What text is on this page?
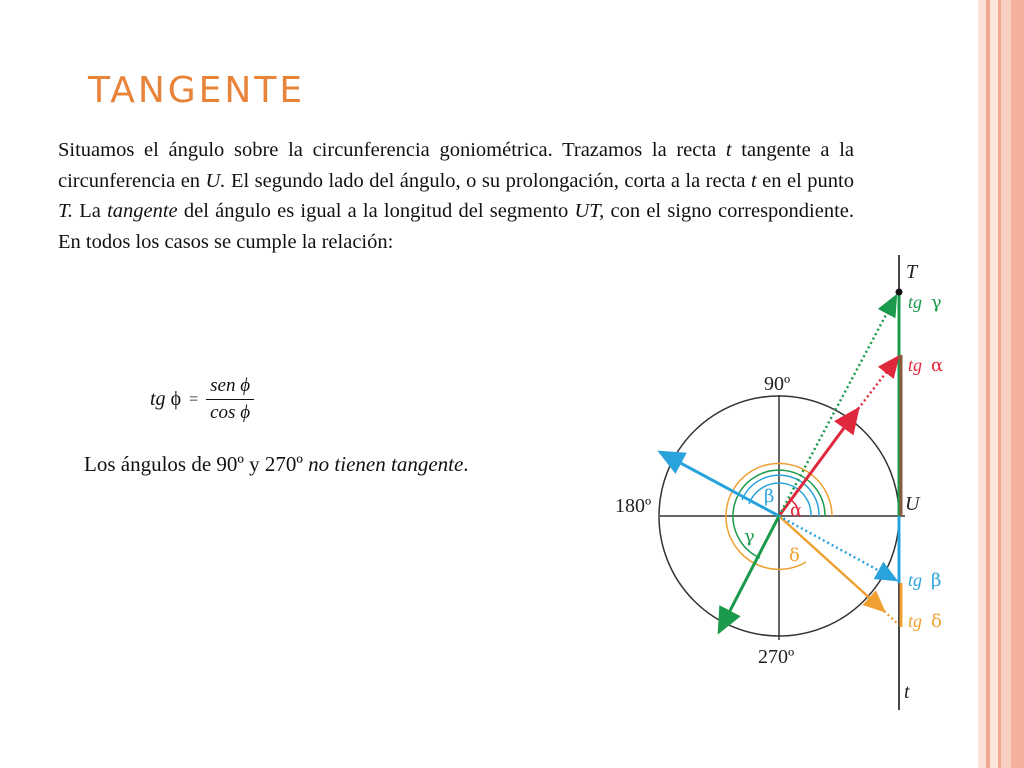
TANGENTE

Situamos el ángulo sobre la circunferencia goniométrica. Trazamos la recta t tangente a la circunferencia en U. El segundo lado del ángulo, o su prolongación, corta a la recta t en el punto T. La tangente del ángulo es igual a la longitud del segmento UT, con el signo correspondiente. En todos los casos se cumple la relación:

tg $\phi = \frac{\text{sen ϕ}}{\text{cos ϕ}}$

Los ángulos de 90º y 270º no tienen tangente.

90º
180º
270º
T
U
t
α
β
γ
δ
tg γ
tg α
tg β
tg δ
